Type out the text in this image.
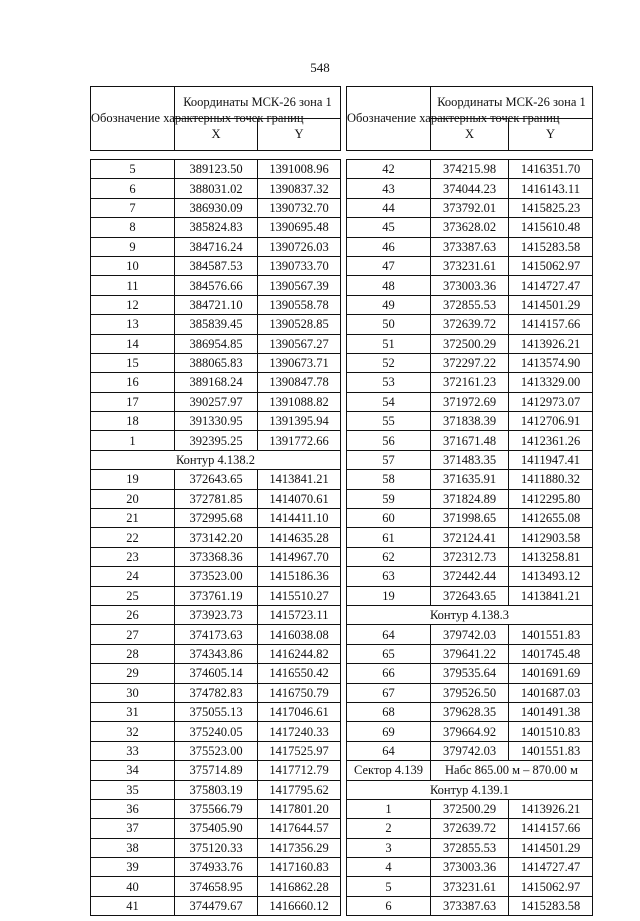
548
Обозначение характерных точек границ	Координаты МСК-26 зона 1	
	X	Y

5	389123.50	1391008.96
6	388031.02	1390837.32
7	386930.09	1390732.70
8	385824.83	1390695.48
9	384716.24	1390726.03
10	384587.53	1390733.70
11	384576.66	1390567.39
12	384721.10	1390558.78
13	385839.45	1390528.85
14	386954.85	1390567.27
15	388065.83	1390673.71
16	389168.24	1390847.78
17	390257.97	1391088.82
18	391330.95	1391395.94
1	392395.25	1391772.66
Контур 4.138.2		
19	372643.65	1413841.21
20	372781.85	1414070.61
21	372995.68	1414411.10
22	373142.20	1414635.28
23	373368.36	1414967.70
24	373523.00	1415186.36
25	373761.19	1415510.27
26	373923.73	1415723.11
27	374173.63	1416038.08
28	374343.86	1416244.82
29	374605.14	1416550.42
30	374782.83	1416750.79
31	375055.13	1417046.61
32	375240.05	1417240.33
33	375523.00	1417525.97
34	375714.89	1417712.79
35	375803.19	1417795.62
36	375566.79	1417801.20
37	375405.90	1417644.57
38	375120.33	1417356.29
39	374933.76	1417160.83
40	374658.95	1416862.28
41	374479.67	1416660.12
Обозначение характерных точек границ	Координаты МСК-26 зона 1	
	X	Y

42	374215.98	1416351.70
43	374044.23	1416143.11
44	373792.01	1415825.23
45	373628.02	1415610.48
46	373387.63	1415283.58
47	373231.61	1415062.97
48	373003.36	1414727.47
49	372855.53	1414501.29
50	372639.72	1414157.66
51	372500.29	1413926.21
52	372297.22	1413574.90
53	372161.23	1413329.00
54	371972.69	1412973.07
55	371838.39	1412706.91
56	371671.48	1412361.26
57	371483.35	1411947.41
58	371635.91	1411880.32
59	371824.89	1412295.80
60	371998.65	1412655.08
61	372124.41	1412903.58
62	372312.73	1413258.81
63	372442.44	1413493.12
19	372643.65	1413841.21
Контур 4.138.3		
64	379742.03	1401551.83
65	379641.22	1401745.48
66	379535.64	1401691.69
67	379526.50	1401687.03
68	379628.35	1401491.38
69	379664.92	1401510.83
64	379742.03	1401551.83
Сектор 4.139	Набс 865.00 м – 870.00 м	
Контур 4.139.1		
1	372500.29	1413926.21
2	372639.72	1414157.66
3	372855.53	1414501.29
4	373003.36	1414727.47
5	373231.61	1415062.97
6	373387.63	1415283.58
